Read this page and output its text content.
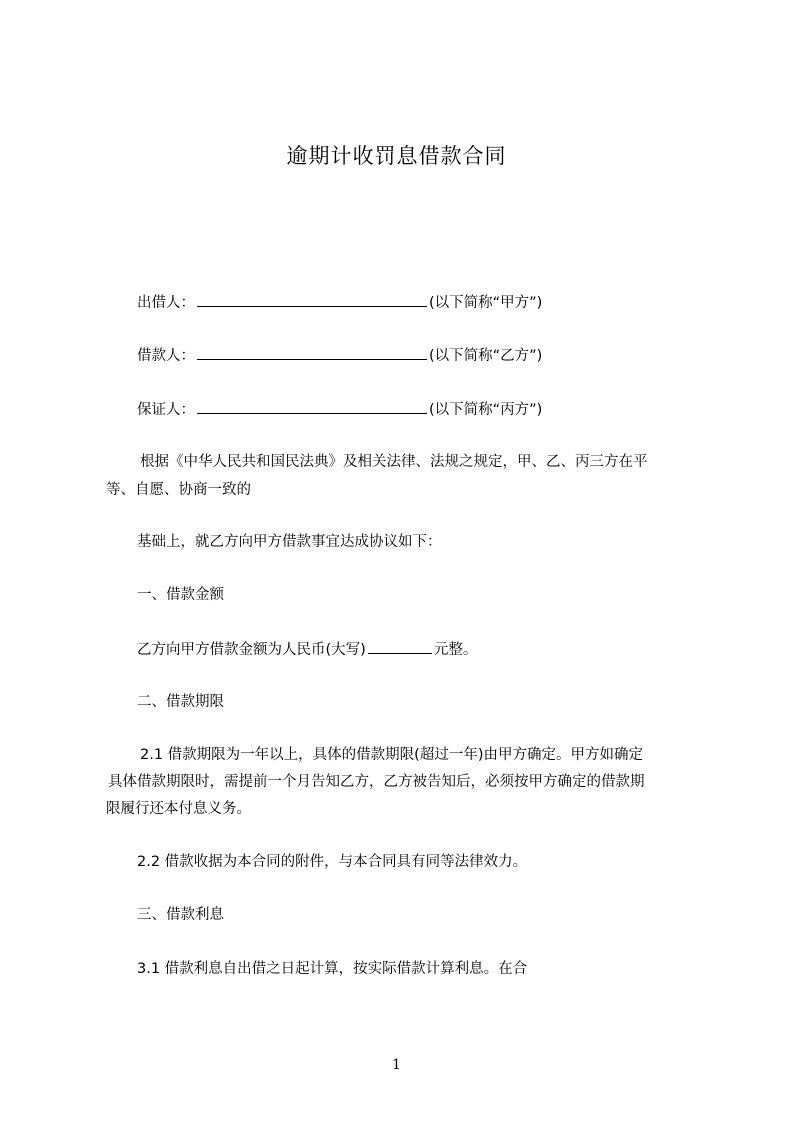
逾期计收罚息借款合同
出借人：	(以下简称“甲方”)
借款人：	(以下简称“乙方”)
保证人：	(以下简称“丙方”)
根据《中华人民共和国民法典》及相关法律、法规之规定，甲、乙、丙三方在平
等、自愿、协商一致的
基础上，就乙方向甲方借款事宜达成协议如下：
一、借款金额
乙方向甲方借款金额为人民币(大写)	元整。
二、借款期限
2.1 借款期限为一年以上，具体的借款期限(超过一年)由甲方确定。甲方如确定
具体借款期限时，需提前一个月告知乙方，乙方被告知后，必须按甲方确定的借款期
限履行还本付息义务。
2.2 借款收据为本合同的附件，与本合同具有同等法律效力。
三、借款利息
3.1 借款利息自出借之日起计算，按实际借款计算利息。在合
1
